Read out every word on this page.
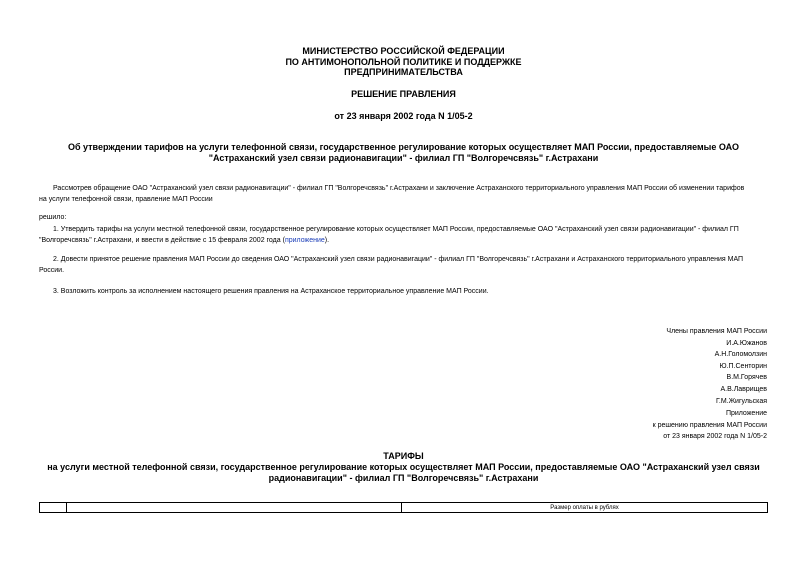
МИНИСТЕРСТВО РОССИЙСКОЙ ФЕДЕРАЦИИ
ПО АНТИМОНОПОЛЬНОЙ ПОЛИТИКЕ И ПОДДЕРЖКЕ
ПРЕДПРИНИМАТЕЛЬСТВА
РЕШЕНИЕ ПРАВЛЕНИЯ
от 23 января 2002 года N 1/05-2
Об утверждении тарифов на услуги телефонной связи, государственное регулирование которых осуществляет МАП России, предоставляемые ОАО
"Астраханский узел связи радионавигации" - филиал ГП "Волгоречсвязь" г.Астрахани
Рассмотрев обращение ОАО "Астраханский узел связи радионавигации" - филиал ГП "Волгоречсвязь" г.Астрахани и заключение Астраханского территориального управления МАП России об изменении тарифов
на услуги телефонной связи, правление МАП России
решило:
1. Утвердить тарифы на услуги местной телефонной связи, государственное регулирование которых осуществляет МАП России, предоставляемые ОАО "Астраханский узел связи радионавигации" - филиал ГП
"Волгоречсвязь" г.Астрахани, и ввести в действие с 15 февраля 2002 года (приложение).
2. Довести принятое решение правления МАП России до сведения ОАО "Астраханский узел связи радионавигации" - филиал ГП "Волгоречсвязь" г.Астрахани и Астраханского территориального управления МАП
России.
3. Возложить контроль за исполнением настоящего решения правления на Астраханское территориальное управление МАП России.
Члены правления МАП России
И.А.Южанов
А.Н.Голомолзин
Ю.П.Сенторин
В.М.Горячев
А.В.Лаврищев
Г.М.Жигульская
Приложение
к решению правления МАП России
от 23 января 2002 года N 1/05-2
ТАРИФЫ
на услуги местной телефонной связи, государственное регулирование которых осуществляет МАП России, предоставляемые ОАО "Астраханский узел связи
радионавигации" - филиал ГП "Волгоречсвязь" г.Астрахани
		Размер оплаты в рублях
